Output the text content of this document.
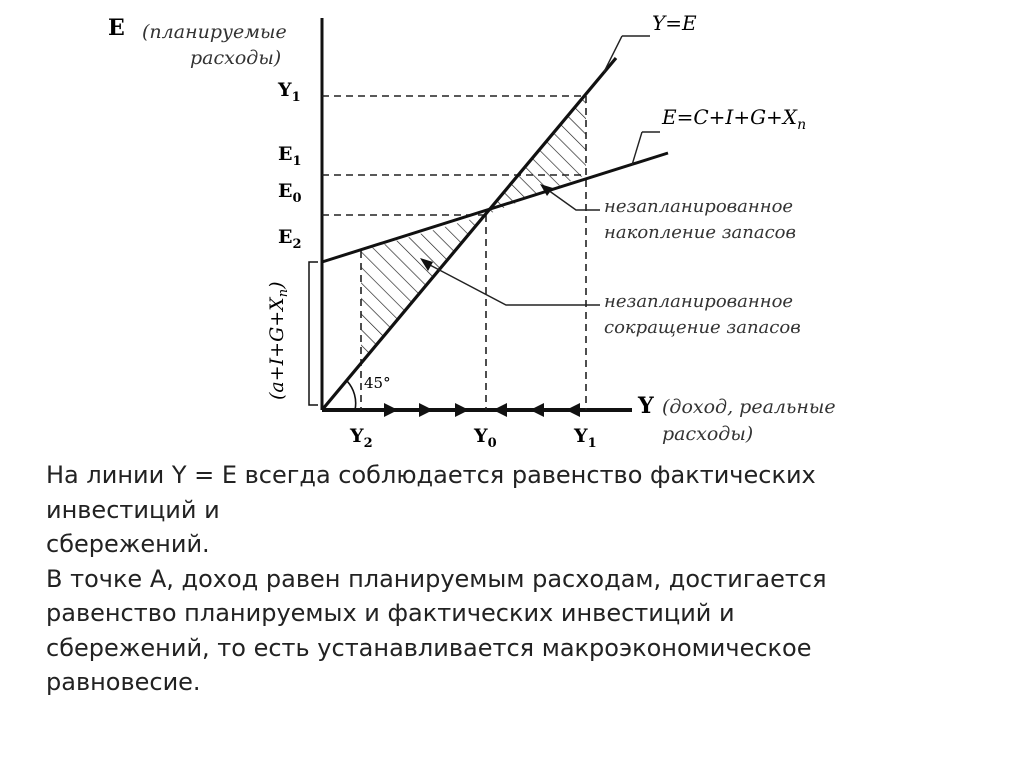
E (планируемые
расходы)
$Y_1$
$E_1$
$E_0$
$E_2$
$(a+I+G+X_n)$
45°
Y=E
$E=C+I+G+X_n$
незапланированное
накопление запасов
незапланированное
сокращение запасов
Y (доход, реальные
расходы)
$Y_2$	$Y_0$	$Y_1$
На линии Y = E всегда соблюдается равенство фактических
инвестиций и
сбережений.
В точке А, доход равен планируемым расходам, достигается
равенство планируемых и фактических инвестиций и
сбережений, то есть устанавливается макроэкономическое
равновесие.
